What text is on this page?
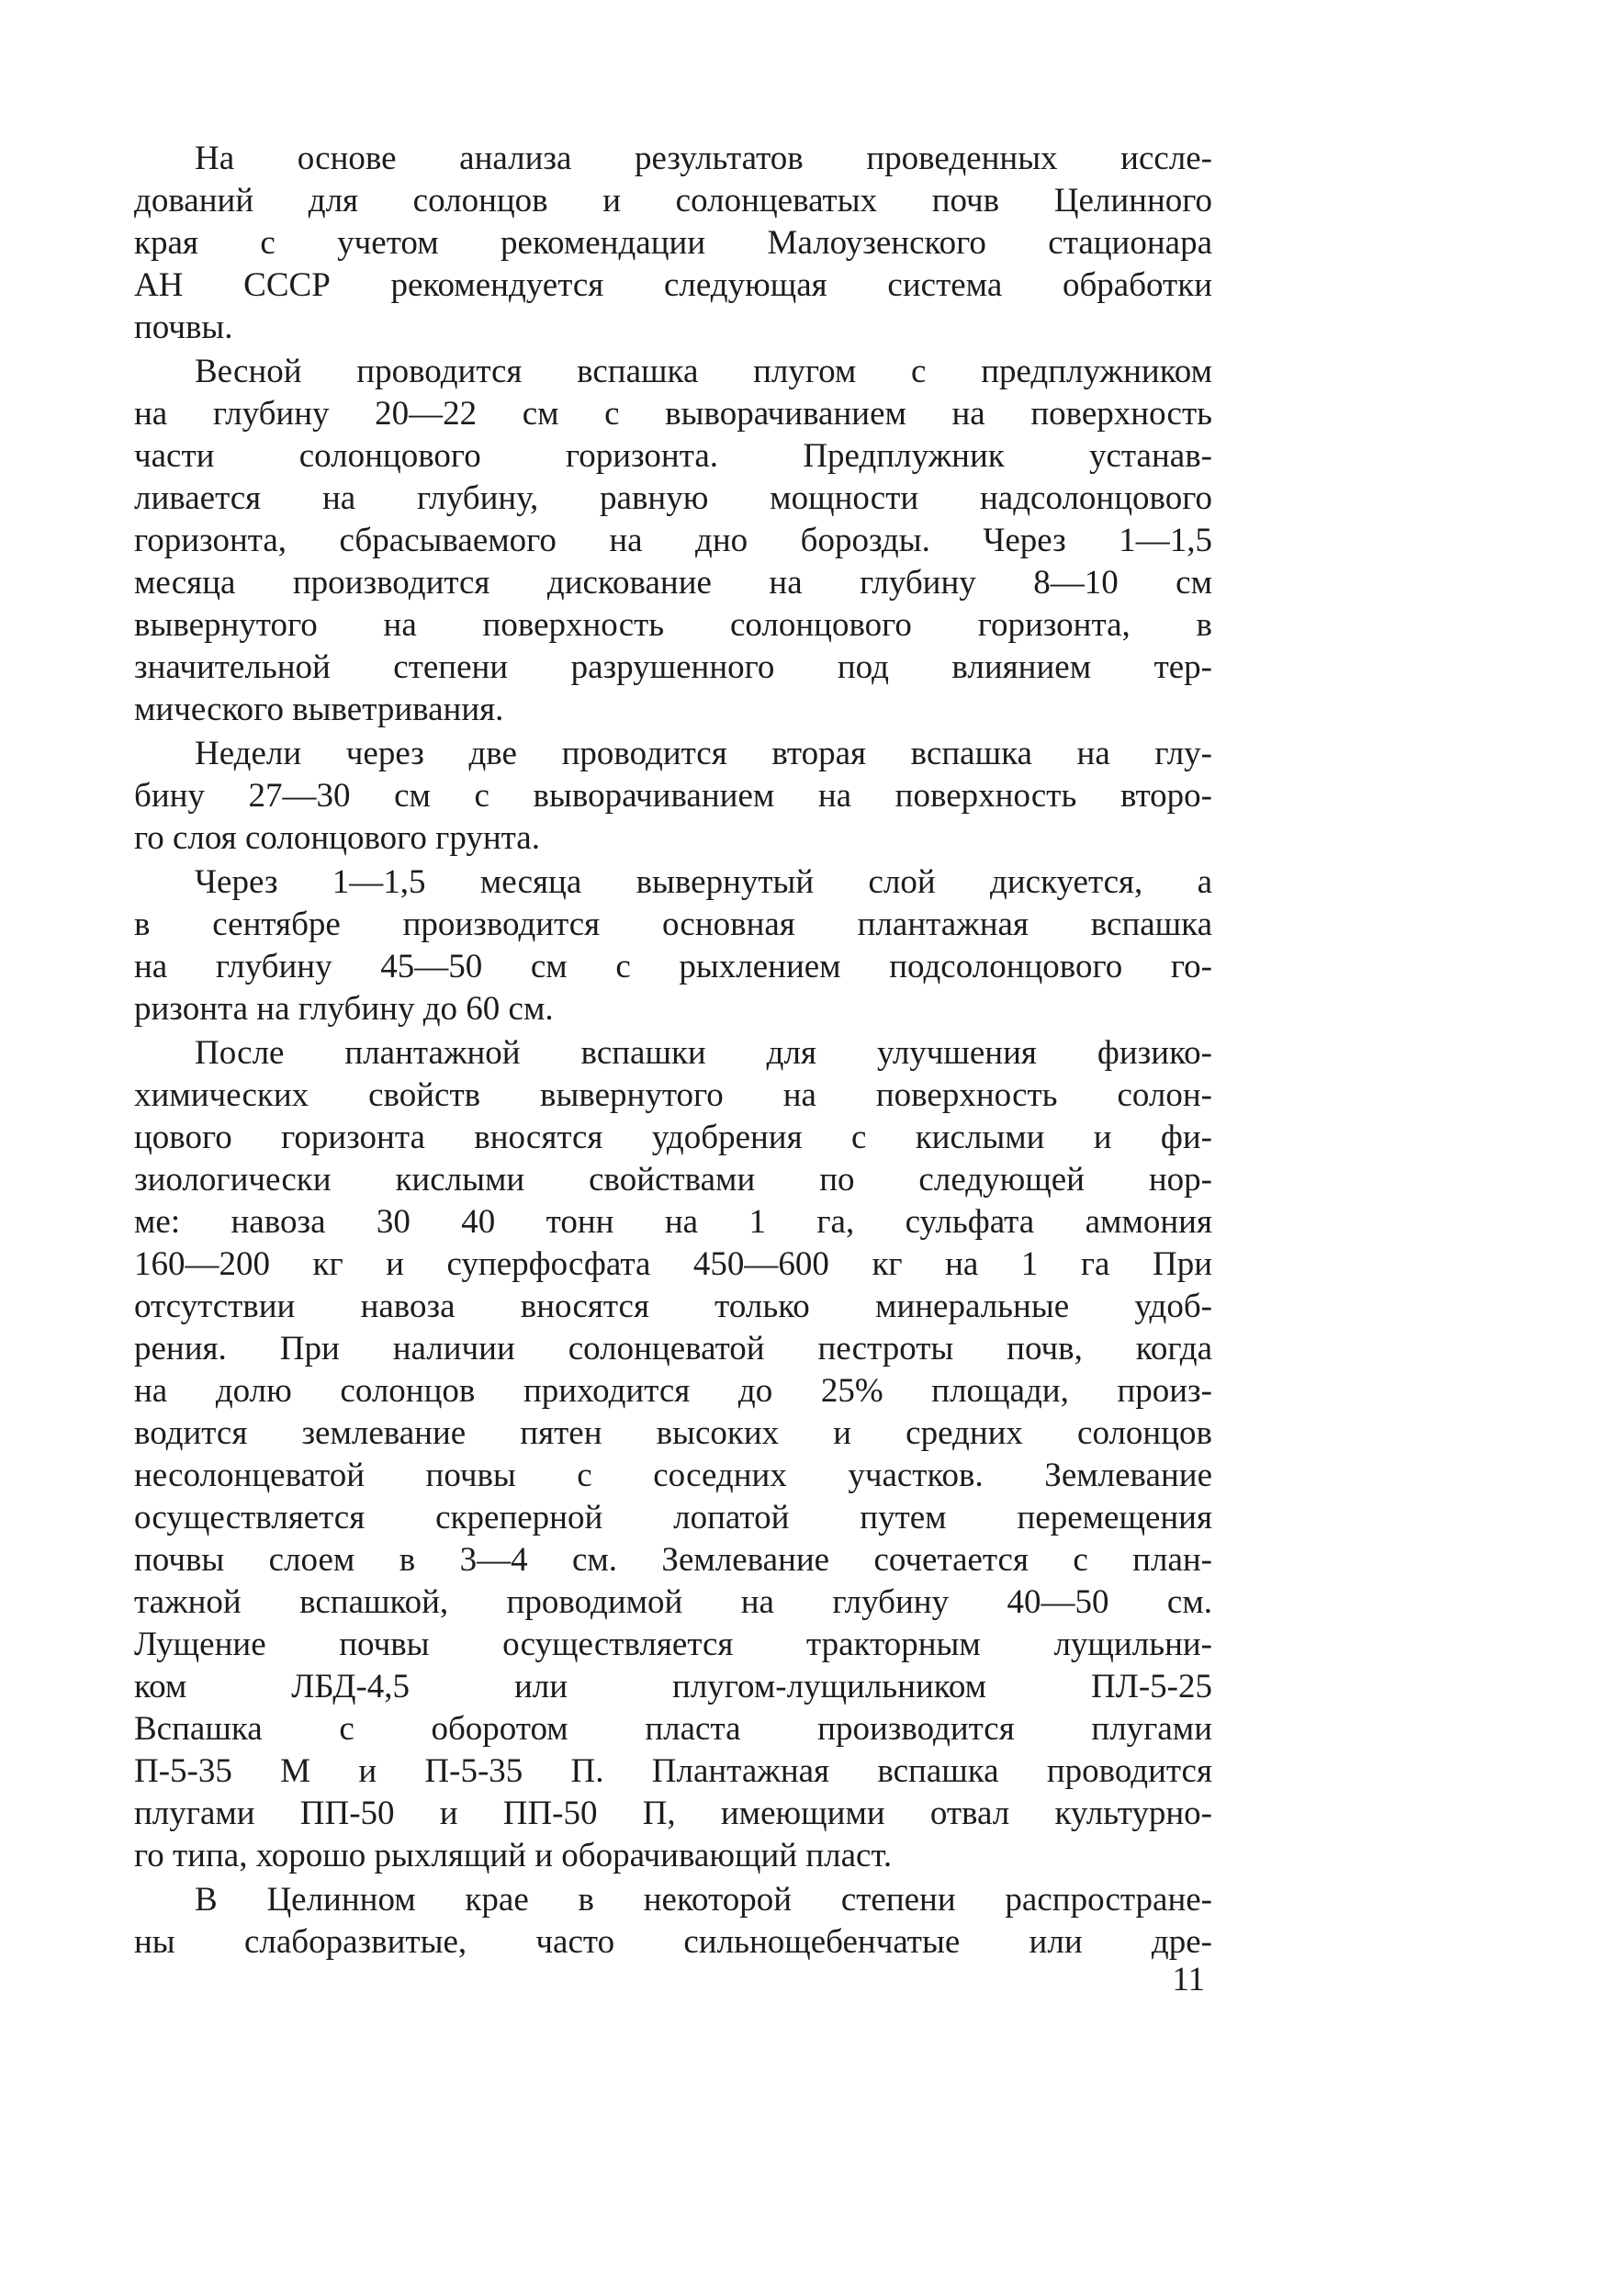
На основе анализа результатов проведенных иссле-
дований для солонцов и солонцеватых почв Целинного
края с учетом рекомендации Малоузенского стационара
АН СССР рекомендуется следующая система обработки
почвы.
Весной проводится вспашка плугом с предплужником
на глубину 20—22 см с выворачиванием на поверхность
части солонцового горизонта. Предплужник устанав-
ливается на глубину, равную мощности надсолонцового
горизонта, сбрасываемого на дно борозды. Через 1—1,5
месяца производится дискование на глубину 8—10 см
вывернутого на поверхность солонцового горизонта, в
значительной степени разрушенного под влиянием тер-
мического выветривания.
Недели через две проводится вторая вспашка на глу-
бину 27—30 см с выворачиванием на поверхность второ-
го слоя солонцового грунта.
Через 1—1,5 месяца вывернутый слой дискуется, а
в сентябре производится основная плантажная вспашка
на глубину 45—50 см с рыхлением подсолонцового го-
ризонта на глубину до 60 см.
После плантажной вспашки для улучшения физико-
химических свойств вывернутого на поверхность солон-
цового горизонта вносятся удобрения с кислыми и фи-
зиологически кислыми свойствами по следующей нор-
ме: навоза 30 40 тонн на 1 га, сульфата аммония
160—200 кг и суперфосфата 450—600 кг на 1 га При
отсутствии навоза вносятся только минеральные удоб-
рения. При наличии солонцеватой пестроты почв, когда
на долю солонцов приходится до 25% площади, произ-
водится землевание пятен высоких и средних солонцов
несолонцеватой почвы с соседних участков. Землевание
осуществляется скреперной лопатой путем перемещения
почвы слоем в 3—4 см. Землевание сочетается с план-
тажной вспашкой, проводимой на глубину 40—50 см.
Лущение почвы осуществляется тракторным лущильни-
ком ЛБД-4,5 или плугом-лущильником ПЛ-5-25
Вспашка с оборотом пласта производится плугами
П-5-35 М и П-5-35 П. Плантажная вспашка проводится
плугами ПП-50 и ПП-50 П, имеющими отвал культурно-
го типа, хорошо рыхлящий и оборачивающий пласт.
В Целинном крае в некоторой степени распростране-
ны слаборазвитые, часто сильнощебенчатые или дре-
11
